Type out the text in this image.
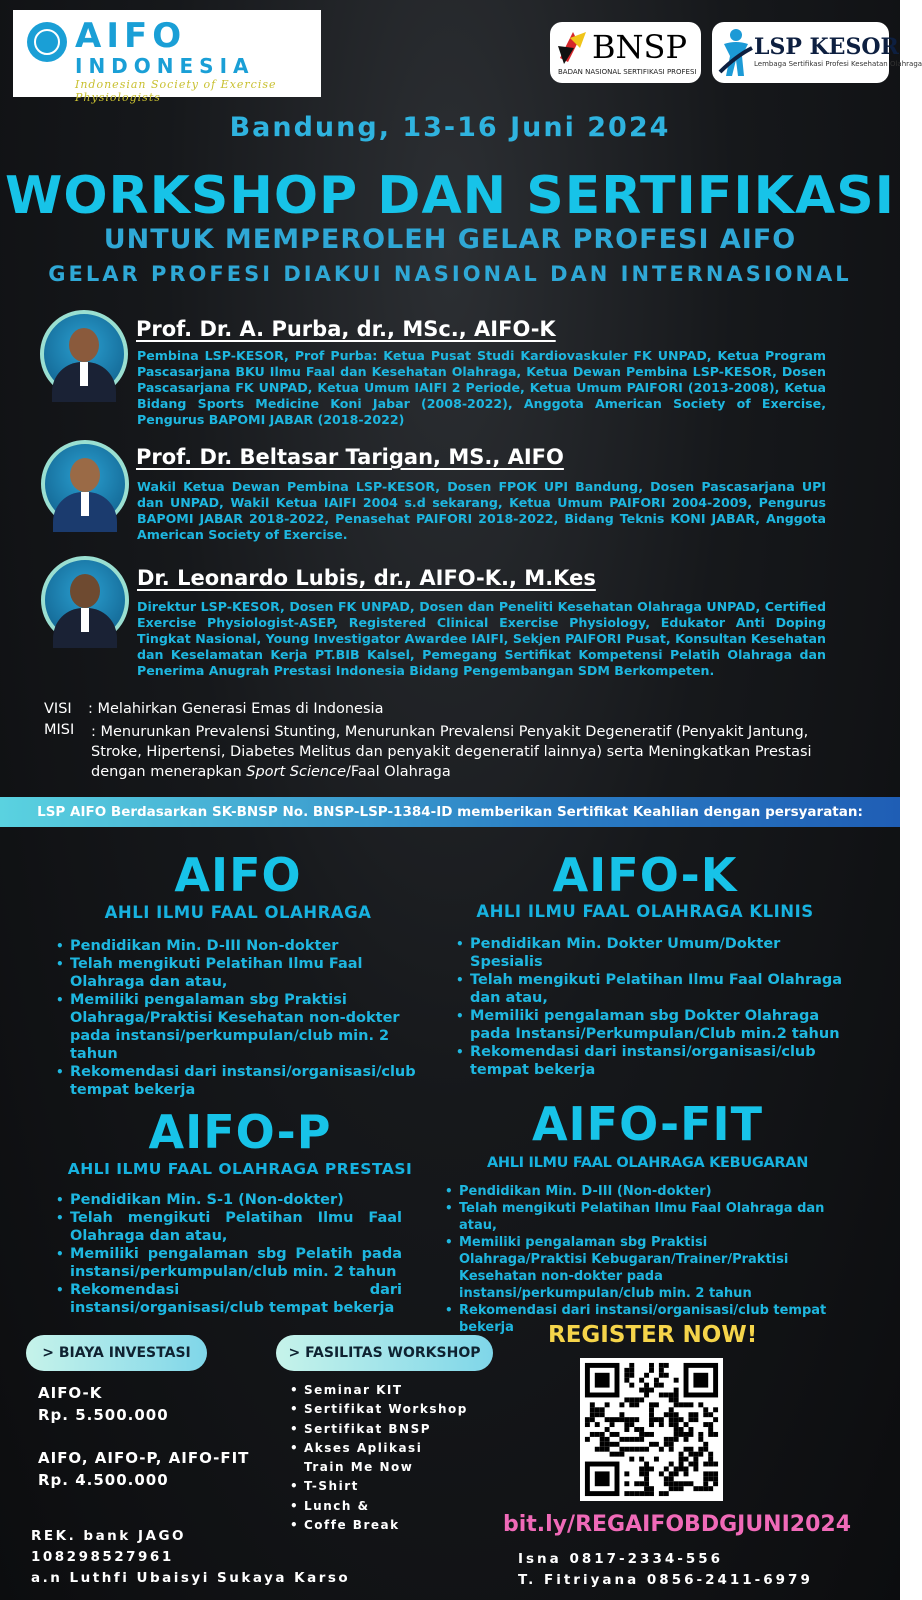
AIFO
INDONESIA
Indonesian Society of Exercise Physiologists
BNSP
BADAN NASIONAL SERTIFIKASI PROFESI
LSP KESOR
Lembaga Sertifikasi Profesi Kesehatan Olahraga
Bandung, 13-16 Juni 2024
WORKSHOP DAN SERTIFIKASI
UNTUK MEMPEROLEH GELAR PROFESI AIFO
GELAR PROFESI DIAKUI NASIONAL DAN INTERNASIONAL
Prof. Dr. A. Purba, dr., MSc., AIFO-K
Pembina LSP-KESOR, Prof Purba: Ketua Pusat Studi Kardiovaskuler FK UNPAD, Ketua Program Pascasarjana BKU Ilmu Faal dan Kesehatan Olahraga, Ketua Dewan Pembina LSP-KESOR, Dosen Pascasarjana FK UNPAD, Ketua Umum IAIFI 2 Periode, Ketua Umum PAIFORI (2013-2008), Ketua Bidang Sports Medicine Koni Jabar (2008-2022), Anggota American Society of Exercise, Pengurus BAPOMI JABAR (2018-2022)
Prof. Dr. Beltasar Tarigan, MS., AIFO
Wakil Ketua Dewan Pembina LSP-KESOR, Dosen FPOK UPI Bandung, Dosen Pascasarjana UPI dan UNPAD, Wakil Ketua IAIFI 2004 s.d sekarang, Ketua Umum PAIFORI 2004-2009, Pengurus BAPOMI JABAR 2018-2022, Penasehat PAIFORI 2018-2022, Bidang Teknis KONI JABAR, Anggota American Society of Exercise.
Dr. Leonardo Lubis, dr., AIFO-K., M.Kes
Direktur LSP-KESOR, Dosen FK UNPAD, Dosen dan Peneliti Kesehatan Olahraga UNPAD, Certified Exercise Physiologist-ASEP, Registered Clinical Exercise Physiology, Edukator Anti Doping Tingkat Nasional, Young Investigator Awardee IAIFI, Sekjen PAIFORI Pusat, Konsultan Kesehatan dan Keselamatan Kerja PT.BIB Kalsel, Pemegang Sertifikat Kompetensi Pelatih Olahraga dan Penerima Anugrah Prestasi Indonesia Bidang Pengembangan SDM Berkompeten.
VISI : Melahirkan Generasi Emas di Indonesia
MISI : Menurunkan Prevalensi Stunting, Menurunkan Prevalensi Penyakit Degeneratif (Penyakit Jantung, Stroke, Hipertensi, Diabetes Melitus dan penyakit degeneratif lainnya) serta Meningkatkan Prestasi dengan menerapkan Sport Science/Faal Olahraga
LSP AIFO Berdasarkan SK-BNSP No. BNSP-LSP-1384-ID memberikan Sertifikat Keahlian dengan persyaratan:
AIFO
AHLI ILMU FAAL OLAHRAGA
• Pendidikan Min. D-III Non-dokter
• Telah mengikuti Pelatihan Ilmu Faal Olahraga dan atau,
• Memiliki pengalaman sbg Praktisi Olahraga/Praktisi Kesehatan non-dokter pada instansi/perkumpulan/club min. 2 tahun
• Rekomendasi dari instansi/organisasi/club tempat bekerja
AIFO-K
AHLI ILMU FAAL OLAHRAGA KLINIS
• Pendidikan Min. Dokter Umum/Dokter Spesialis
• Telah mengikuti Pelatihan Ilmu Faal Olahraga dan atau,
• Memiliki pengalaman sbg Dokter Olahraga pada Instansi/Perkumpulan/Club min.2 tahun
• Rekomendasi dari instansi/organisasi/club tempat bekerja
AIFO-P
AHLI ILMU FAAL OLAHRAGA PRESTASI
• Pendidikan Min. S-1 (Non-dokter)
• Telah mengikuti Pelatihan Ilmu Faal Olahraga dan atau,
• Memiliki pengalaman sbg Pelatih pada instansi/perkumpulan/club min. 2 tahun
• Rekomendasi dari instansi/organisasi/club tempat bekerja
AIFO-FIT
AHLI ILMU FAAL OLAHRAGA KEBUGARAN
• Pendidikan Min. D-III (Non-dokter)
• Telah mengikuti Pelatihan Ilmu Faal Olahraga dan atau,
• Memiliki pengalaman sbg Praktisi Olahraga/Praktisi Kebugaran/Trainer/Praktisi Kesehatan non-dokter pada instansi/perkumpulan/club min. 2 tahun
• Rekomendasi dari instansi/organisasi/club tempat bekerja
> BIAYA INVESTASI
AIFO-K
Rp. 5.500.000
AIFO, AIFO-P, AIFO-FIT
Rp. 4.500.000
> FASILITAS WORKSHOP
• Seminar KIT
• Sertifikat Workshop
• Sertifikat BNSP
• Akses Aplikasi
Train Me Now
• T-Shirt
• Lunch &
• Coffe Break
REGISTER NOW!
bit.ly/REGAIFOBDGJUNI2024
Isna 0817-2334-556
T. Fitriyana 0856-2411-6979
REK. bank JAGO
108298527961
a.n Luthfi Ubaisyi Sukaya Karso
